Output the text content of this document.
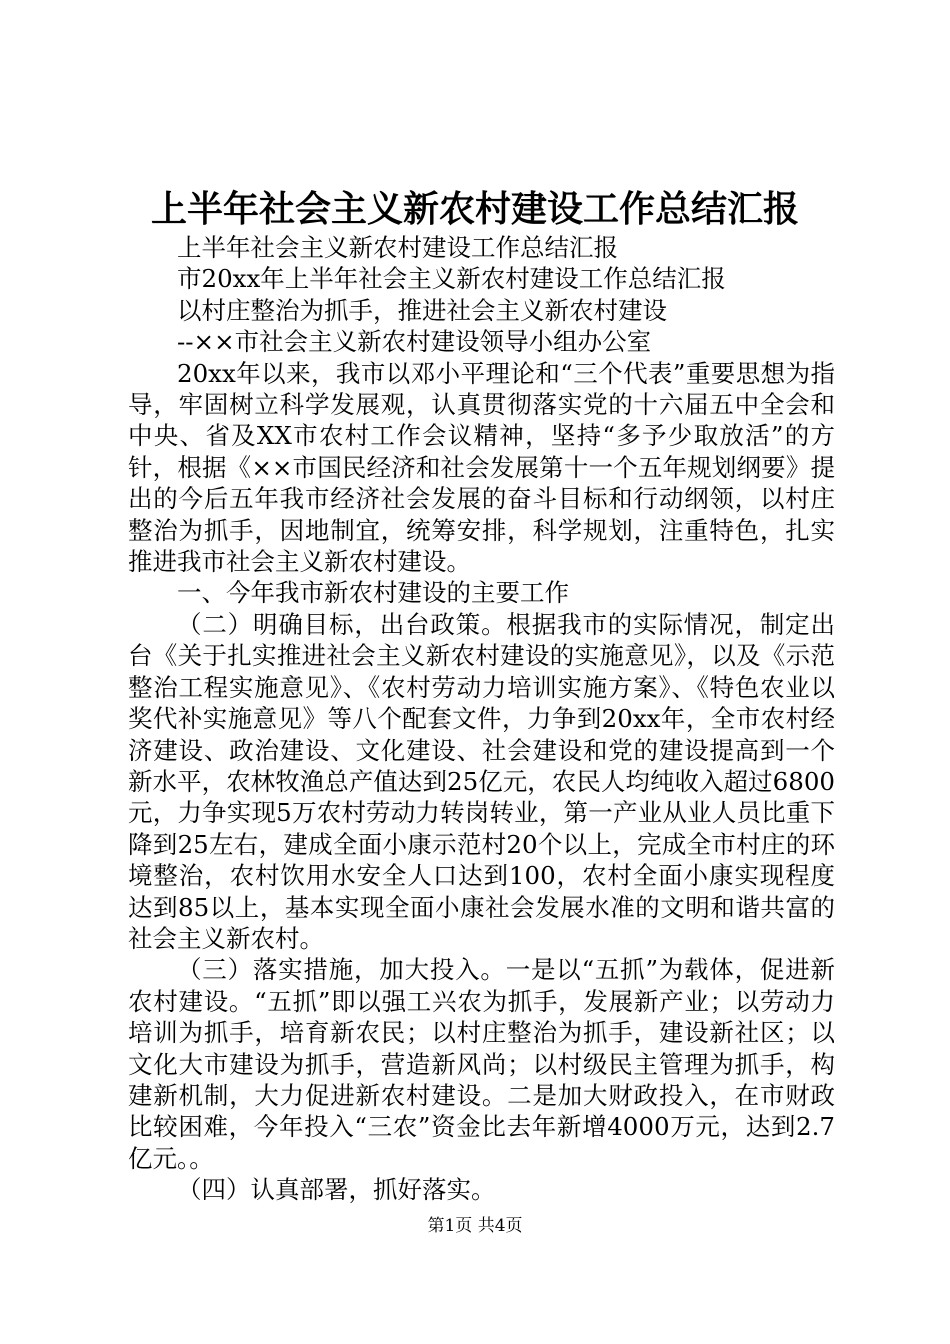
上半年社会主义新农村建设工作总结汇报

上半年社会主义新农村建设工作总结汇报

市20xx年上半年社会主义新农村建设工作总结汇报

以村庄整治为抓手，推进社会主义新农村建设

--××市社会主义新农村建设领导小组办公室

20xx年以来，我市以邓小平理论和“三个代表”重要思想为指导，牢固树立科学发展观，认真贯彻落实党的十六届五中全会和中央、省及XX市农村工作会议精神，坚持“多予少取放活”的方针，根据《××市国民经济和社会发展第十一个五年规划纲要》提出的今后五年我市经济社会发展的奋斗目标和行动纲领，以村庄整治为抓手，因地制宜，统筹安排，科学规划，注重特色，扎实推进我市社会主义新农村建设。

一、今年我市新农村建设的主要工作

（二）明确目标，出台政策。根据我市的实际情况，制定出台《关于扎实推进社会主义新农村建设的实施意见》，以及《示范整治工程实施意见》、《农村劳动力培训实施方案》、《特色农业以奖代补实施意见》等八个配套文件，力争到20xx年，全市农村经济建设、政治建设、文化建设、社会建设和党的建设提高到一个新水平，农林牧渔总产值达到25亿元，农民人均纯收入超过6800元，力争实现5万农村劳动力转岗转业，第一产业从业人员比重下降到25左右，建成全面小康示范村20个以上，完成全市村庄的环境整治，农村饮用水安全人口达到100，农村全面小康实现程度达到85以上，基本实现全面小康社会发展水准的文明和谐共富的社会主义新农村。

（三）落实措施，加大投入。一是以“五抓”为载体，促进新农村建设。“五抓”即以强工兴农为抓手，发展新产业；以劳动力培训为抓手，培育新农民；以村庄整治为抓手，建设新社区；以文化大市建设为抓手，营造新风尚；以村级民主管理为抓手，构建新机制，大力促进新农村建设。二是加大财政投入，在市财政比较困难，今年投入“三农”资金比去年新增4000万元，达到2.7亿元。。

（四）认真部署，抓好落实。

第1页 共4页
